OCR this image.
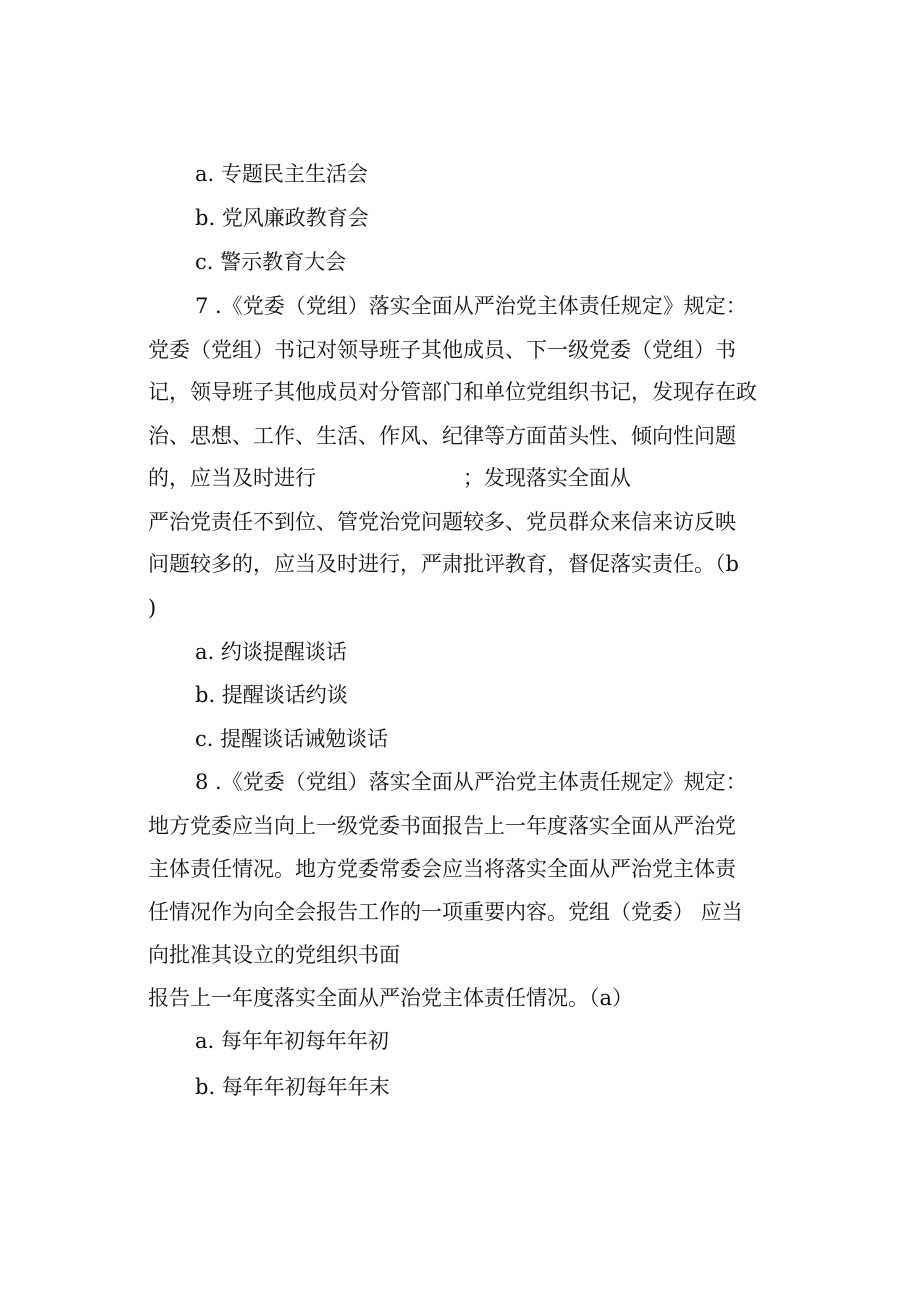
a. 专题民主生活会

b. 党风廉政教育会

c. 警示教育大会

7 .《党委（党组）落实全面从严治党主体责任规定》规定：

党委（党组）书记对领导班子其他成员、下一级党委（党组）书

记，领导班子其他成员对分管部门和单位党组织书记，发现存在政

治、思想、工作、生活、作风、纪律等方面苗头性、倾向性问题

的，应当及时进行                      ；发现落实全面从

严治党责任不到位、管党治党问题较多、党员群众来信来访反映

问题较多的，应当及时进行，严肃批评教育，督促落实责任。（b

)

a. 约谈提醒谈话

b. 提醒谈话约谈

c. 提醒谈话诫勉谈话

8 .《党委（党组）落实全面从严治党主体责任规定》规定：

地方党委应当向上一级党委书面报告上一年度落实全面从严治党

主体责任情况。地方党委常委会应当将落实全面从严治党主体责

任情况作为向全会报告工作的一项重要内容。党组（党委） 应当

向批准其设立的党组织书面

报告上一年度落实全面从严治党主体责任情况。（a）

a. 每年年初每年年初

b. 每年年初每年年末
